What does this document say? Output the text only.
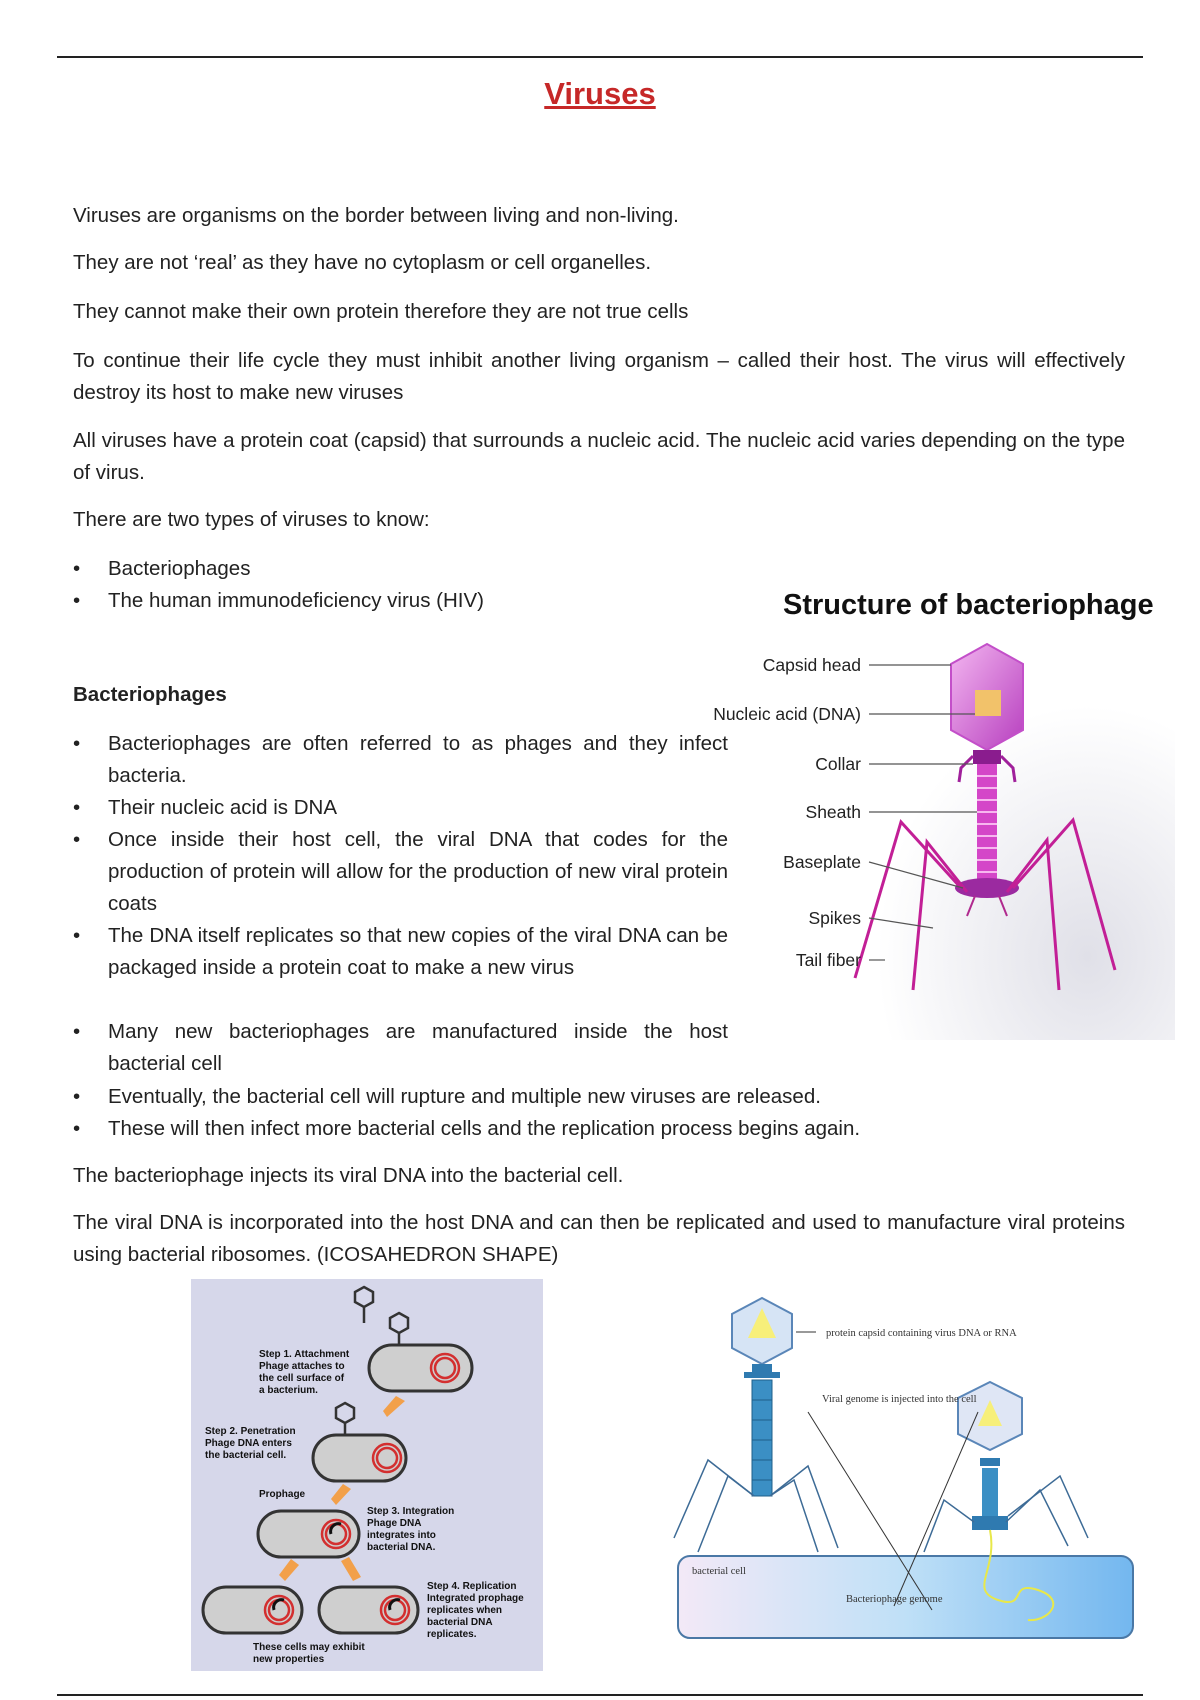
Viruses
Viruses are organisms on the border between living and non-living.
They are not ‘real’ as they have no cytoplasm or cell organelles.
They cannot make their own protein therefore they are not true cells
To continue their life cycle they must inhibit another living organism – called their host. The virus will effectively destroy its host to make new viruses
All viruses have a protein coat (capsid) that surrounds a nucleic acid. The nucleic acid varies depending on the type of virus.
There are two types of viruses to know:
• Bacteriophages
• The human immunodeficiency virus (HIV)
Bacteriophages
• Bacteriophages are often referred to as phages and they infect bacteria.
• Their nucleic acid is DNA
• Once inside their host cell, the viral DNA that codes for the production of protein will allow for the production of new viral protein coats
• The DNA itself replicates so that new copies of the viral DNA can be packaged inside a protein coat to make a new virus
• Many new bacteriophages are manufactured inside the host bacterial cell
• Eventually, the bacterial cell will rupture and multiple new viruses are released.
• These will then infect more bacterial cells and the replication process begins again.
The bacteriophage injects its viral DNA into the bacterial cell.
The viral DNA is incorporated into the host DNA and can then be replicated and used to manufacture viral proteins using bacterial ribosomes. (ICOSAHEDRON SHAPE)
Structure of bacteriophage
Capsid head
Nucleic acid (DNA)
Collar
Sheath
Baseplate
Spikes
Tail fiber
Step 1. Attachment
Phage attaches to
the cell surface of
a bacterium.
Step 2. Penetration
Phage DNA enters
the bacterial cell.
Prophage
Step 3. Integration
Phage DNA
integrates into
bacterial DNA.
Step 4. Replication
Integrated prophage
replicates when
bacterial DNA
replicates.
These cells may exhibit
new properties
protein capsid containing virus DNA or RNA
Viral genome is injected into the cell
bacterial cell
Bacteriophage genome
